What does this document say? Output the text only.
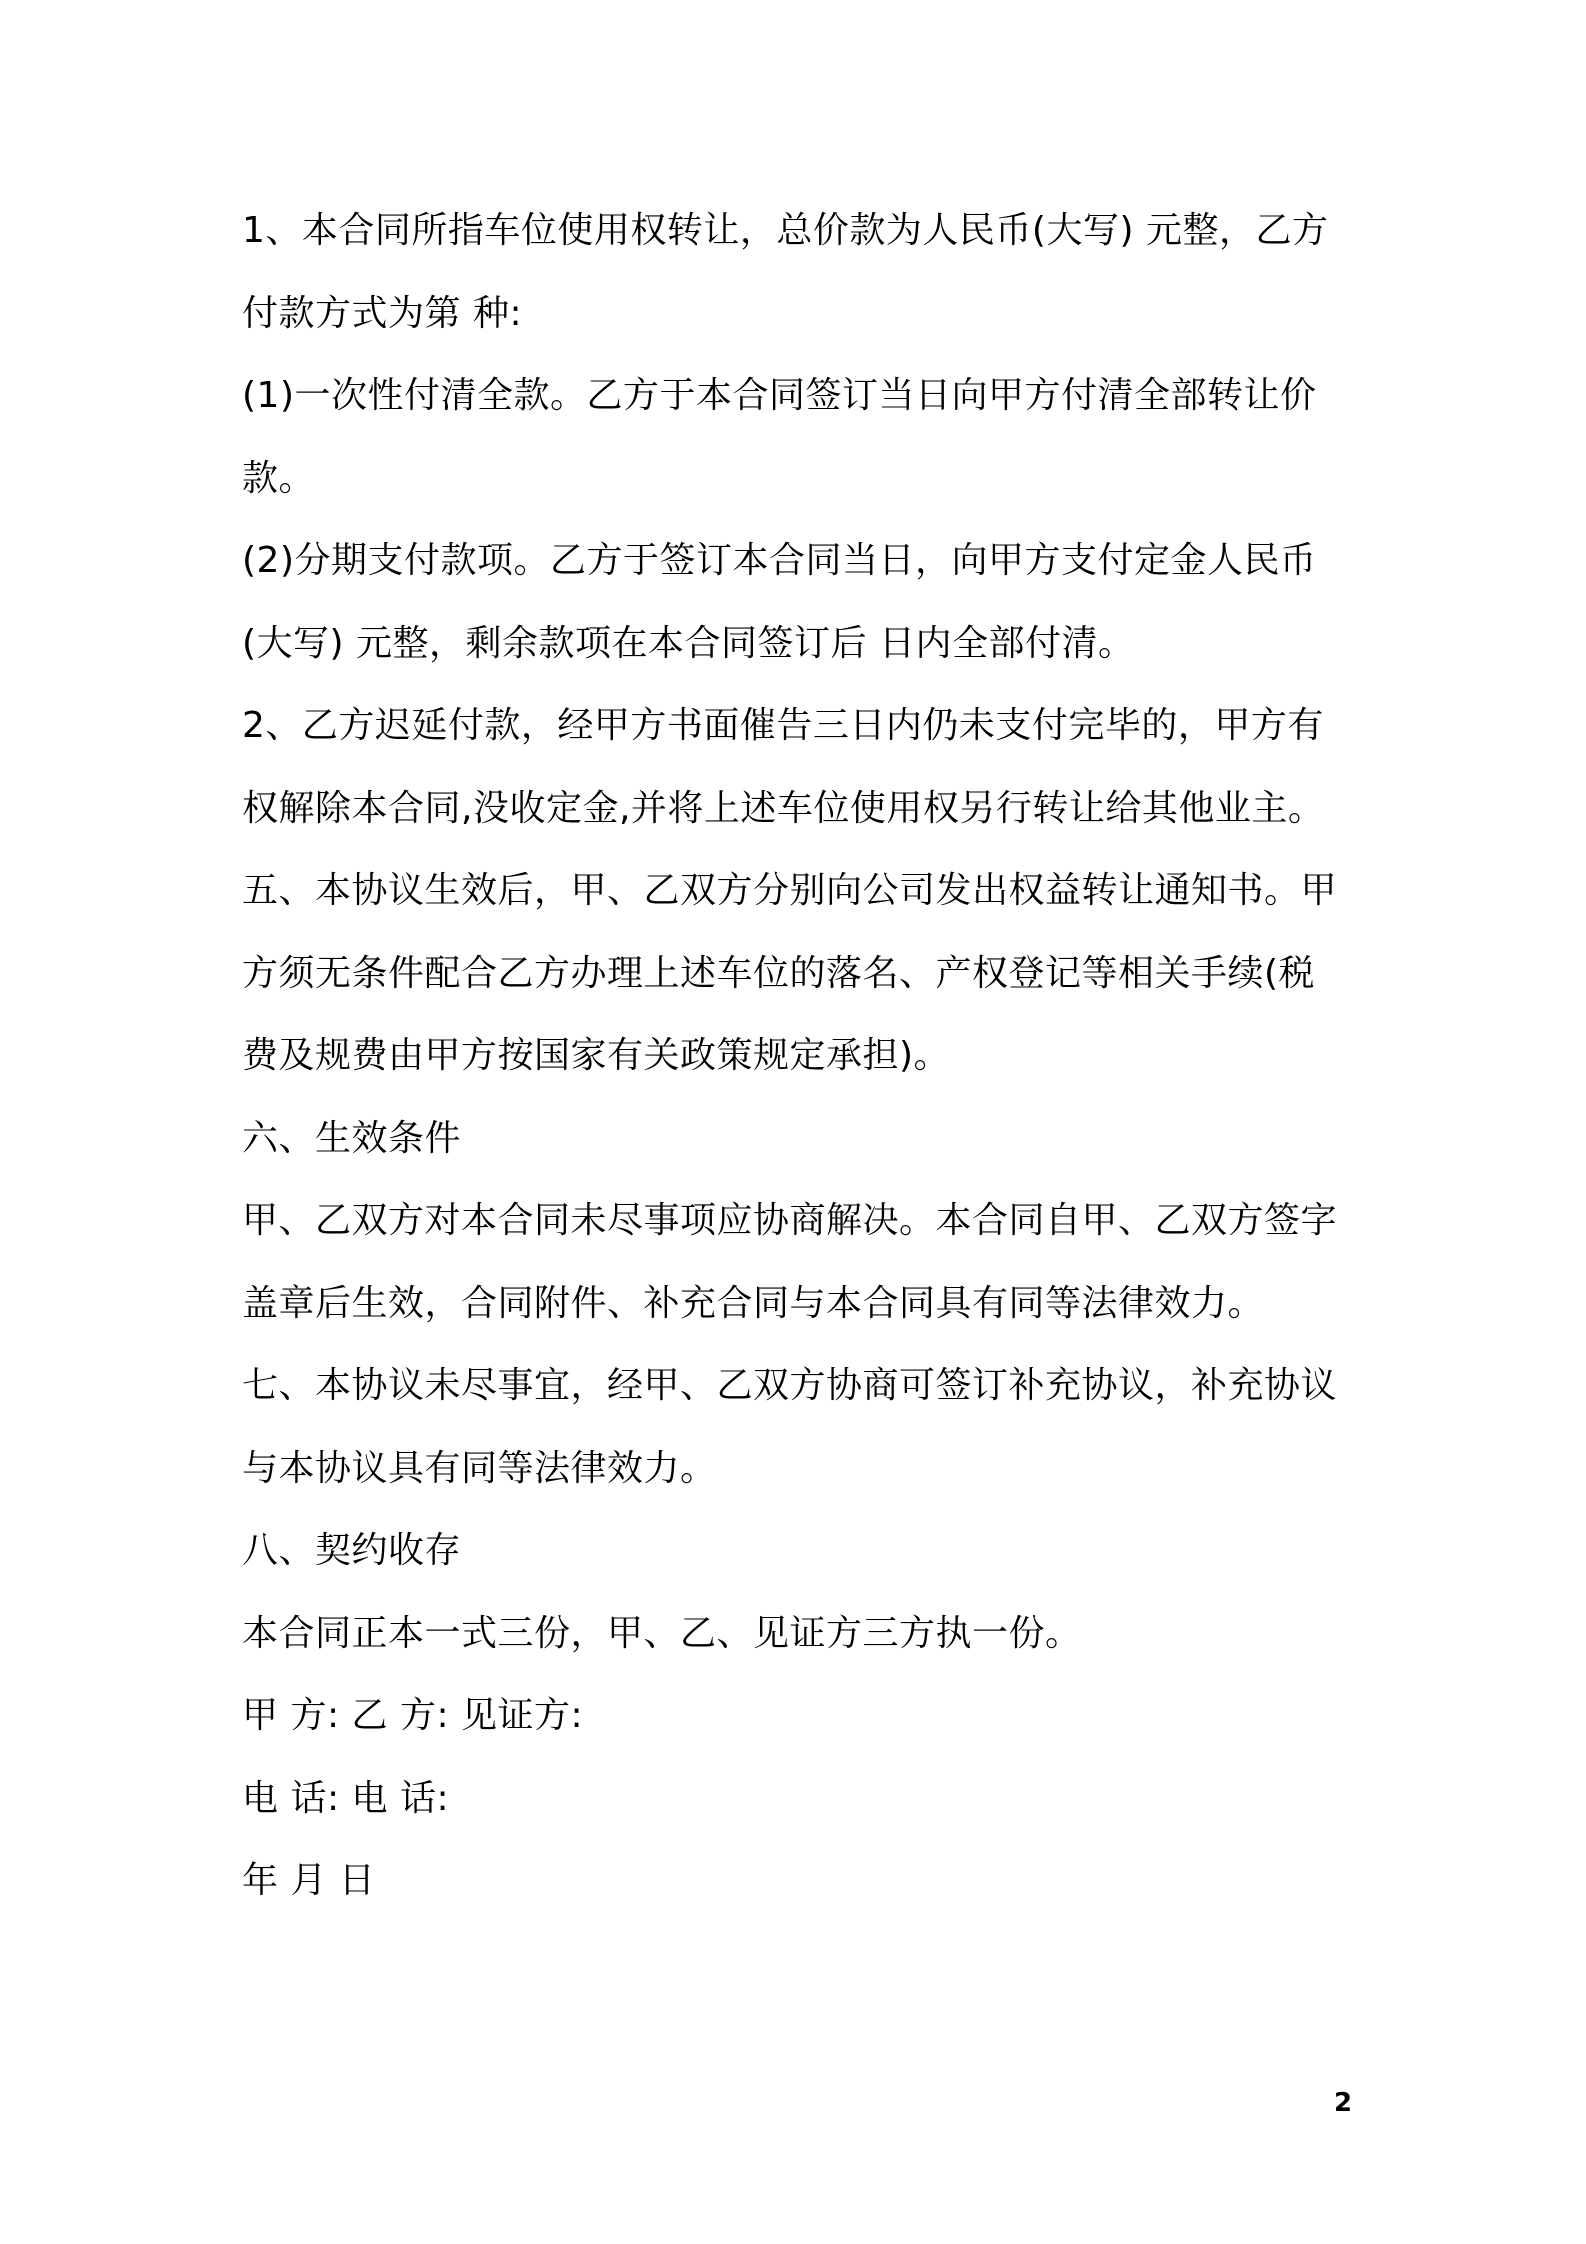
1、本合同所指车位使用权转让，总价款为人民币(大写) 元整，乙方
付款方式为第 种:
(1)一次性付清全款。乙方于本合同签订当日向甲方付清全部转让价
款。
(2)分期支付款项。乙方于签订本合同当日，向甲方支付定金人民币
(大写) 元整，剩余款项在本合同签订后 日内全部付清。
2、乙方迟延付款，经甲方书面催告三日内仍未支付完毕的，甲方有
权解除本合同,没收定金,并将上述车位使用权另行转让给其他业主。
五、本协议生效后，甲、乙双方分别向公司发出权益转让通知书。甲
方须无条件配合乙方办理上述车位的落名、产权登记等相关手续(税
费及规费由甲方按国家有关政策规定承担)。
六、生效条件
甲、乙双方对本合同未尽事项应协商解决。本合同自甲、乙双方签字
盖章后生效，合同附件、补充合同与本合同具有同等法律效力。
七、本协议未尽事宜，经甲、乙双方协商可签订补充协议，补充协议
与本协议具有同等法律效力。
八、契约收存
本合同正本一式三份，甲、乙、见证方三方执一份。
甲 方: 乙 方: 见证方:
电 话: 电 话:
年 月 日
2
